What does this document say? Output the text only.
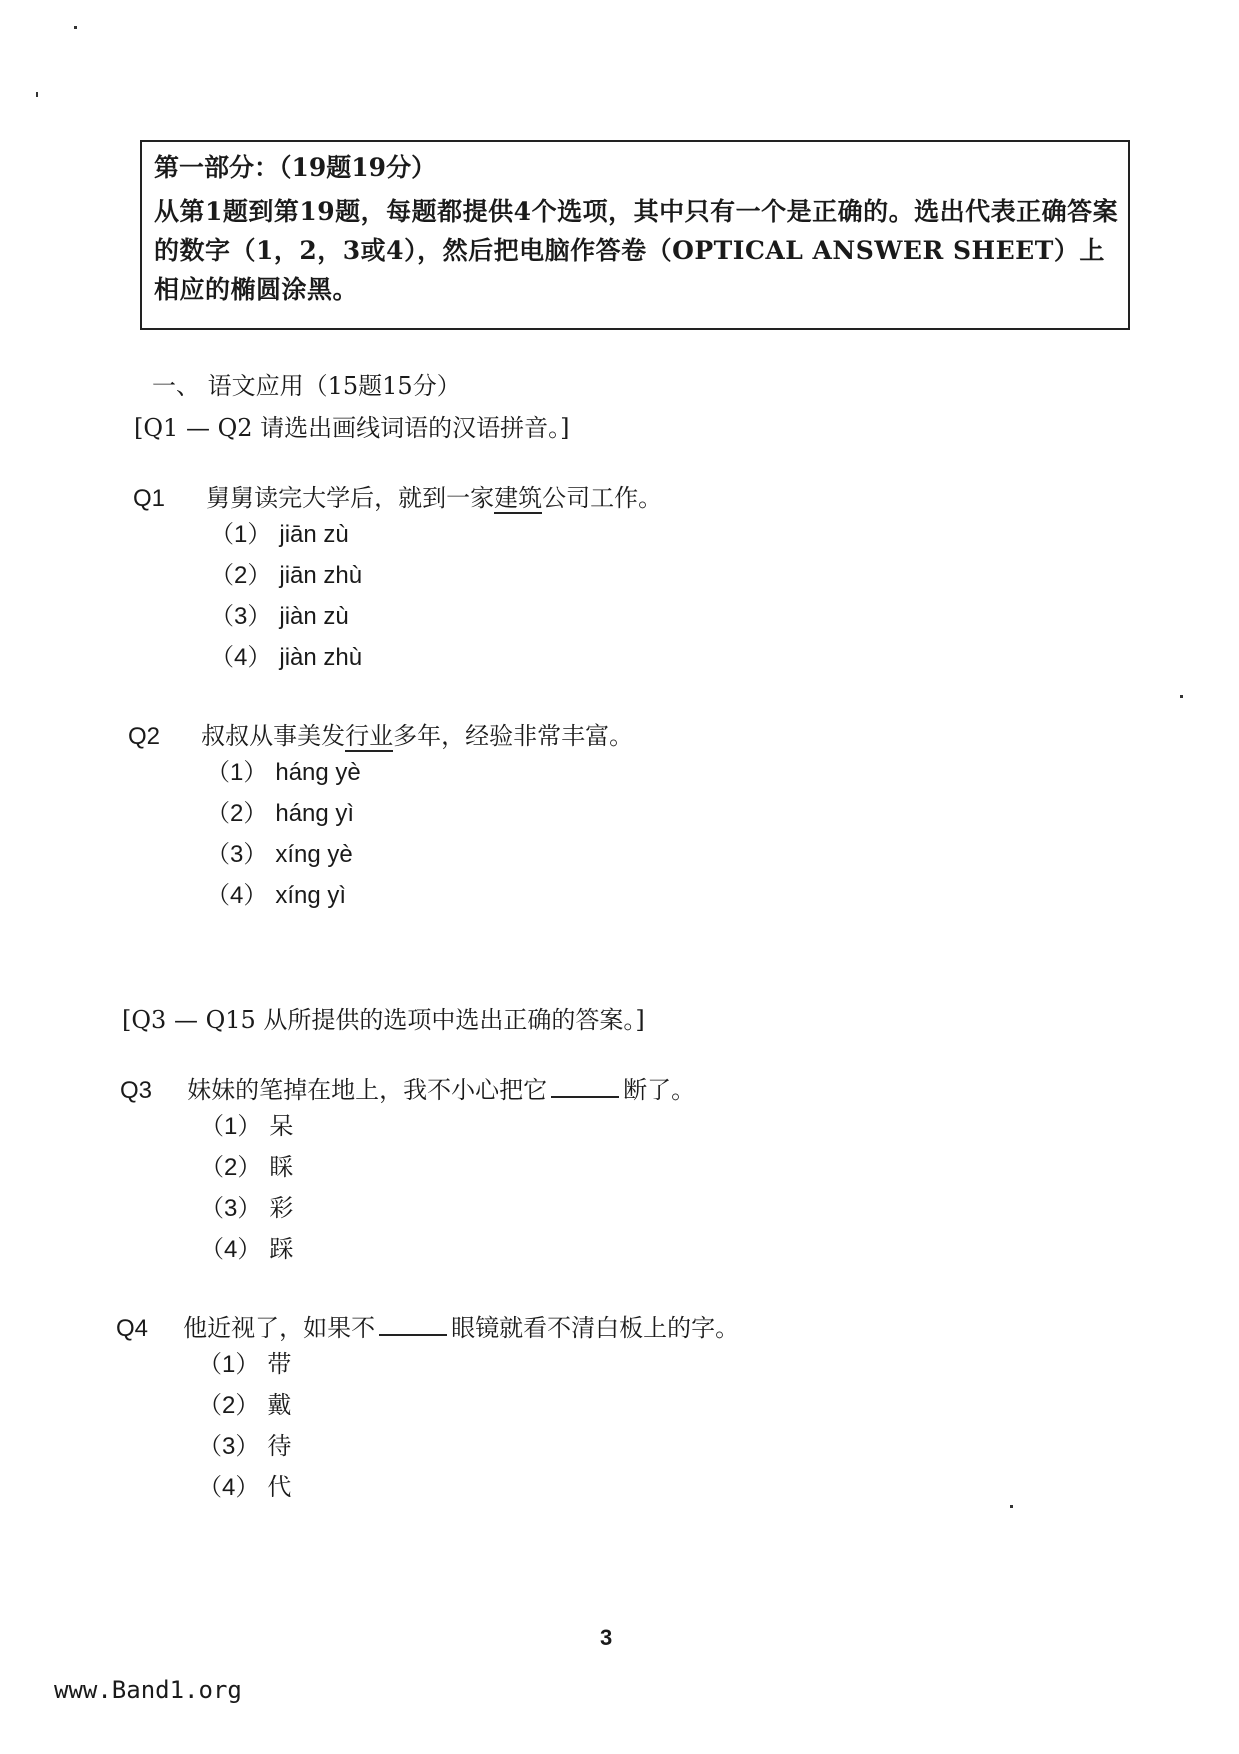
第一部分：（19题19分）
从第1题到第19题，每题都提供4个选项，其中只有一个是正确的。选出代表正确答案的数字（1，2，3或4），然后把电脑作答卷（OPTICAL ANSWER SHEET）上相应的椭圆涂黑。
一、 语文应用（15题15分）
[Q1 — Q2 请选出画线词语的汉语拼音。]
Q1 舅舅读完大学后，就到一家建筑公司工作。
（1） jiān zù
（2） jiān zhù
（3） jiàn zù
（4） jiàn zhù
Q2 叔叔从事美发行业多年，经验非常丰富。
（1） háng yè
（2） háng yì
（3） xíng yè
（4） xíng yì
[Q3 — Q15 从所提供的选项中选出正确的答案。]
Q3 妹妹的笔掉在地上，我不小心把它	断了。
（1） 呆
（2） 睬
（3） 彩
（4） 踩
Q4 他近视了，如果不	眼镜就看不清白板上的字。
（1） 带
（2） 戴
（3） 待
（4） 代
3
www.Band1.org
